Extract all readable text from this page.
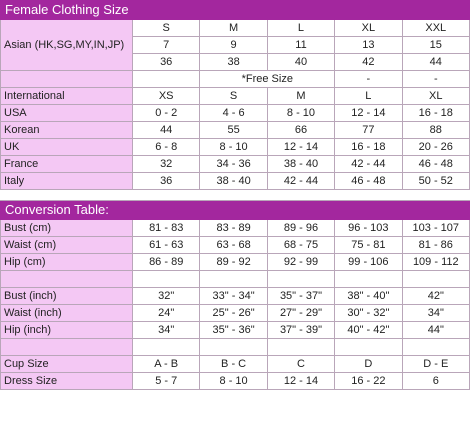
Female Clothing Size					
Asian (HK,SG,MY,IN,JP)	S	M	L	XL	XXL
	7	9	11	13	15
	36	38	40	42	44
		*Free Size		-	-
International	XS	S	M	L	XL
USA	0 - 2	4 - 6	8 - 10	12 - 14	16 - 18
Korean	44	55	66	77	88
UK	6 - 8	8 - 10	12 - 14	16 - 18	20 - 26
France	32	34 - 36	38 - 40	42 - 44	46 - 48
Italy	36	38 - 40	42 - 44	46 - 48	50 - 52

Conversion Table:					
Bust (cm)	81 - 83	83 - 89	89 - 96	96 - 103	103 - 107
Waist (cm)	61 - 63	63 - 68	68 - 75	75 - 81	81 - 86
Hip (cm)	86 - 89	89 - 92	92 - 99	99 - 106	109 - 112

Bust (inch)	32"	33" - 34"	35" - 37"	38" - 40"	42"
Waist (inch)	24"	25" - 26"	27" - 29"	30" - 32"	34"
Hip (inch)	34"	35" - 36"	37" - 39"	40" - 42"	44"

Cup Size	A - B	B - C	C	D	D - E
Dress Size	5 - 7	8 - 10	12 - 14	16 - 22	6
